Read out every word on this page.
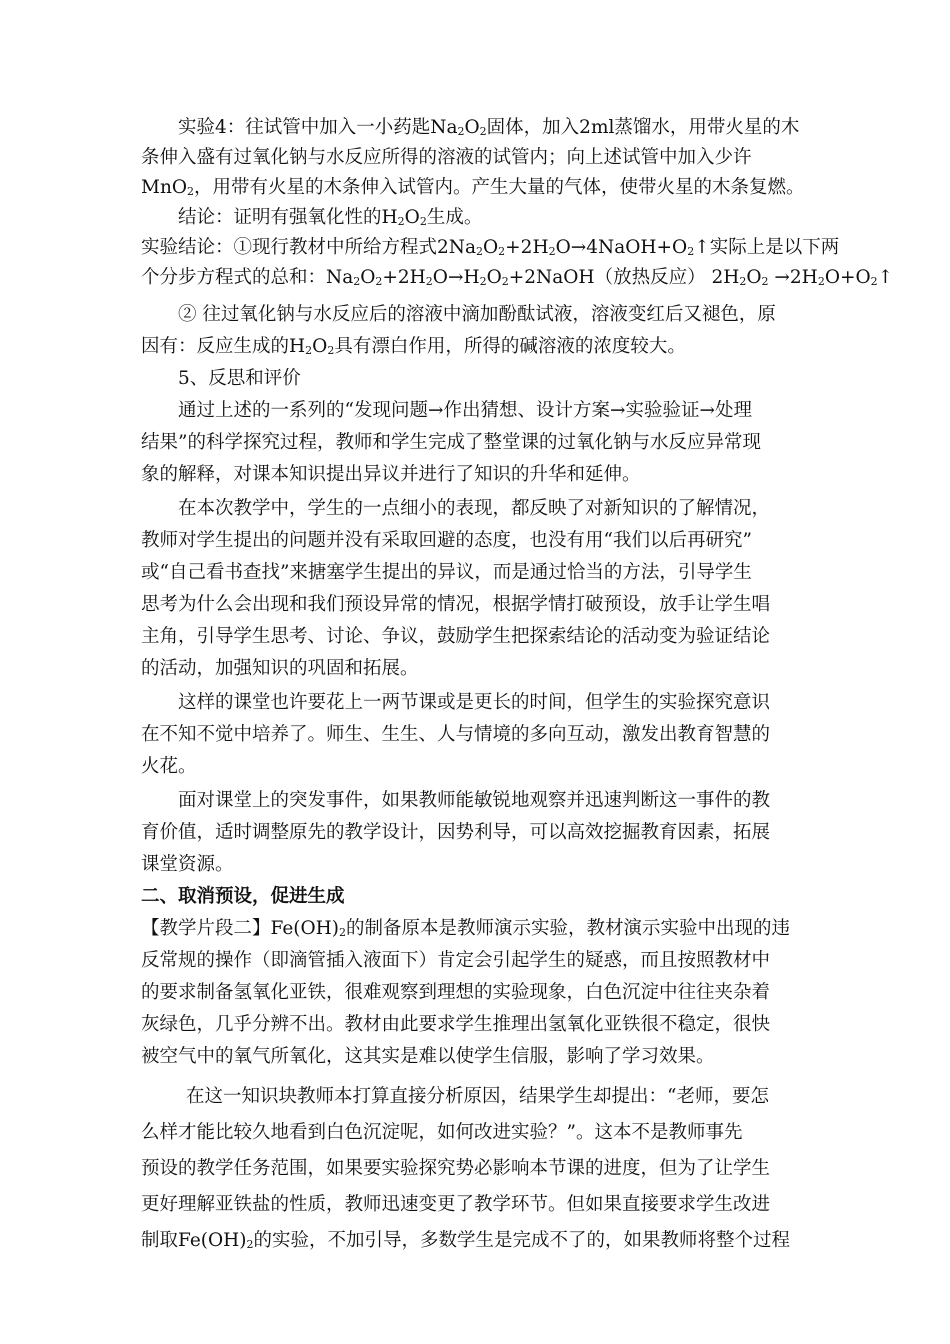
实验4：往试管中加入一小药匙$Na_2O_2$固体，加入2ml蒸馏水，用带火星的木
条伸入盛有过氧化钠与水反应所得的溶液的试管内；向上述试管中加入少许
MnO$_2$，用带有火星的木条伸入试管内。产生大量的气体，使带火星的木条复燃。
结论：证明有强氧化性的$H_2O_2$生成。
实验结论：①现行教材中所给方程式$2Na_2O_2+2H_2O\to 4NaOH+O_2↑$实际上是以下两
个分步方程式的总和：$Na_2O_2+2H_2O\to H_2O_2+2NaOH$（放热反应） $2H_2O_2$ $\to 2H_2O+O_2↑$
② 往过氧化钠与水反应后的溶液中滴加酚酞试液，溶液变红后又褪色，原
因有：反应生成的$H_2O_2$具有漂白作用，所得的碱溶液的浓度较大。
5、反思和评价
通过上述的一系列的“发现问题→作出猜想、设计方案→实验验证→处理
结果”的科学探究过程，教师和学生完成了整堂课的过氧化钠与水反应异常现
象的解释，对课本知识提出异议并进行了知识的升华和延伸。
在本次教学中，学生的一点细小的表现，都反映了对新知识的了解情况，
教师对学生提出的问题并没有采取回避的态度，也没有用“我们以后再研究”
或“自己看书查找”来搪塞学生提出的异议，而是通过恰当的方法，引导学生
思考为什么会出现和我们预设异常的情况，根据学情打破预设，放手让学生唱
主角，引导学生思考、讨论、争议，鼓励学生把探索结论的活动变为验证结论
的活动，加强知识的巩固和拓展。
这样的课堂也许要花上一两节课或是更长的时间，但学生的实验探究意识
在不知不觉中培养了。师生、生生、人与情境的多向互动，激发出教育智慧的
火花。
面对课堂上的突发事件，如果教师能敏锐地观察并迅速判断这一事件的教
育价值，适时调整原先的教学设计，因势利导，可以高效挖掘教育因素，拓展
课堂资源。
二、取消预设，促进生成
【教学片段二】$Fe(OH)_2$的制备原本是教师演示实验，教材演示实验中出现的违
反常规的操作（即滴管插入液面下）肯定会引起学生的疑惑，而且按照教材中
的要求制备氢氧化亚铁，很难观察到理想的实验现象，白色沉淀中往往夹杂着
灰绿色，几乎分辨不出。教材由此要求学生推理出氢氧化亚铁很不稳定，很快
被空气中的氧气所氧化，这其实是难以使学生信服，影响了学习效果。
在这一知识块教师本打算直接分析原因，结果学生却提出：“老师，要怎
么样才能比较久地看到白色沉淀呢，如何改进实验？”。这本不是教师事先
预设的教学任务范围，如果要实验探究势必影响本节课的进度，但为了让学生
更好理解亚铁盐的性质，教师迅速变更了教学环节。但如果直接要求学生改进
制取$Fe(OH)_2$的实验，不加引导，多数学生是完成不了的，如果教师将整个过程
